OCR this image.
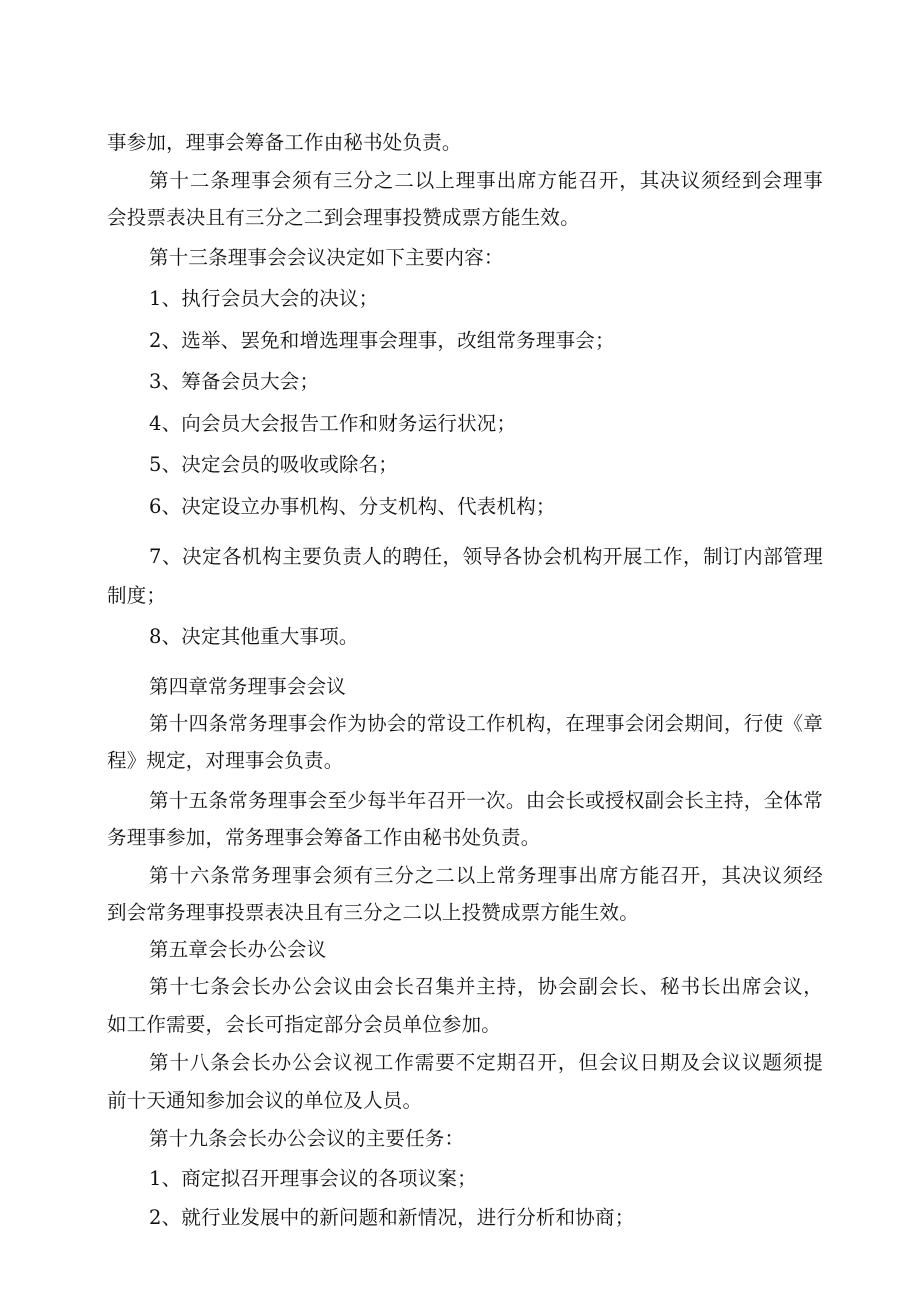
事参加，理事会筹备工作由秘书处负责。
第十二条理事会须有三分之二以上理事出席方能召开，其决议须经到会理事
会投票表决且有三分之二到会理事投赞成票方能生效。
第十三条理事会会议决定如下主要内容：
1、执行会员大会的决议；
2、选举、罢免和增选理事会理事，改组常务理事会；
3、筹备会员大会；
4、向会员大会报告工作和财务运行状况；
5、决定会员的吸收或除名；
6、决定设立办事机构、分支机构、代表机构；
7、决定各机构主要负责人的聘任，领导各协会机构开展工作，制订内部管理
制度；
8、决定其他重大事项。
第四章常务理事会会议
第十四条常务理事会作为协会的常设工作机构，在理事会闭会期间，行使《章
程》规定，对理事会负责。
第十五条常务理事会至少每半年召开一次。由会长或授权副会长主持，全体常
务理事参加，常务理事会筹备工作由秘书处负责。
第十六条常务理事会须有三分之二以上常务理事出席方能召开，其决议须经
到会常务理事投票表决且有三分之二以上投赞成票方能生效。
第五章会长办公会议
第十七条会长办公会议由会长召集并主持，协会副会长、秘书长出席会议，
如工作需要，会长可指定部分会员单位参加。
第十八条会长办公会议视工作需要不定期召开，但会议日期及会议议题须提
前十天通知参加会议的单位及人员。
第十九条会长办公会议的主要任务：
1、商定拟召开理事会议的各项议案；
2、就行业发展中的新问题和新情况，进行分析和协商；
